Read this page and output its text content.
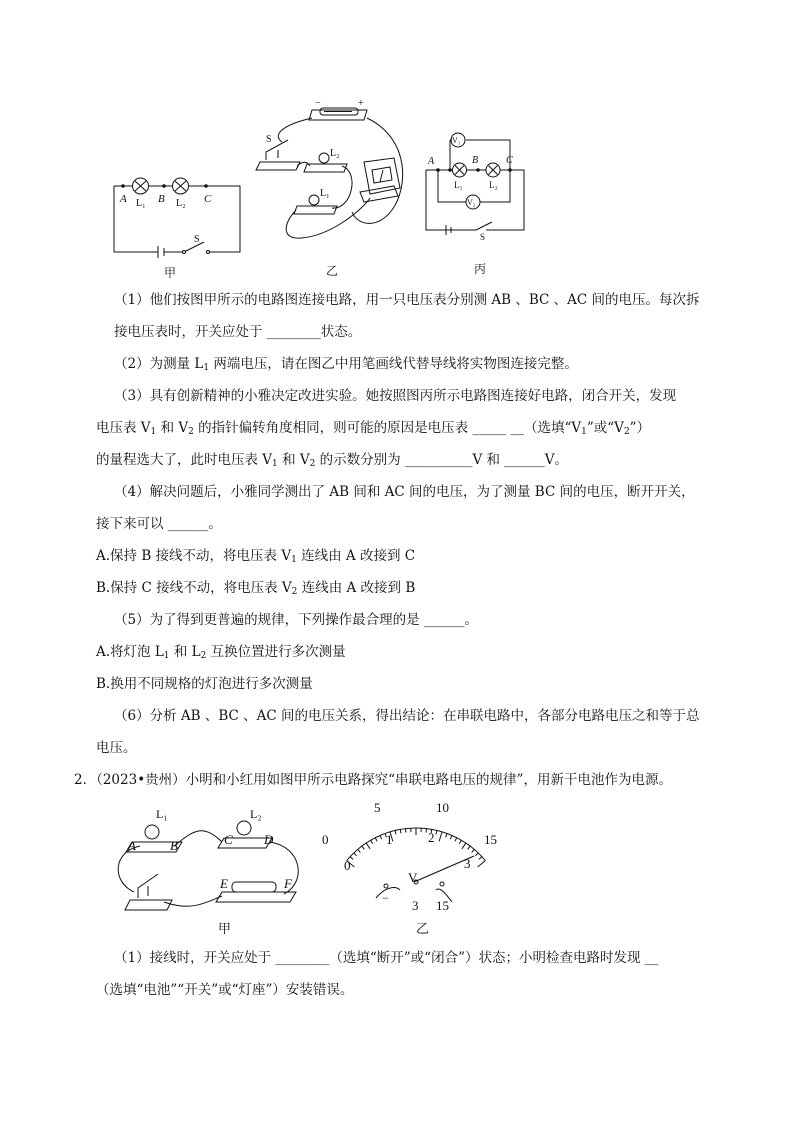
A	B	C
L₁	L₂
S
甲
−	+
S
L₂
L₁
乙
V₁
V₂
A	B	C
L₁	L₂
S
丙
（1）他们按图甲所示的电路图连接电路，用一只电压表分别测 AB 、BC 、AC 间的电压。每次拆
接电压表时，开关应处于 ________状态。
（2）为测量 $L_1$ 两端电压，请在图乙中用笔画线代替导线将实物图连接完整。
（3）具有创新精神的小雅决定改进实验。她按照图丙所示电路图连接好电路，闭合开关，发现
电压表 $V_1$ 和 $V_2$ 的指针偏转角度相同，则可能的原因是电压表 _____ __（选填“$V_1$”或“$V_2$”）
的量程选大了，此时电压表 $V_1$ 和 $V_2$ 的示数分别为 __________V 和 ______V。
（4）解决问题后，小雅同学测出了 AB 间和 AC 间的电压，为了测量 BC 间的电压，断开开关，
接下来可以 ______。
A.保持 B 接线不动，将电压表 $V_1$ 连线由 A 改接到 C
B.保持 C 接线不动，将电压表 $V_2$ 连线由 A 改接到 B
（5）为了得到更普遍的规律，下列操作最合理的是 ______。
A.将灯泡 $L_1$ 和 $L_2$ 互换位置进行多次测量
B.换用不同规格的灯泡进行多次测量
（6）分析 AB 、BC 、AC 间的电压关系，得出结论：在串联电路中，各部分电路电压之和等于总
电压。
2．（2023•贵州）小明和小红用如图甲所示电路探究“串联电路电压的规律”，用新干电池作为电源。
A	B
L₁
C
L₂
D
E	F
甲
0
5	10
15
0
1	2
3
V
− 3 15
乙
（1）接线时，开关应处于 ________（选填“断开”或“闭合”）状态；小明检查电路时发现 __
（选填“电池”“开关”或“灯座”）安装错误。
